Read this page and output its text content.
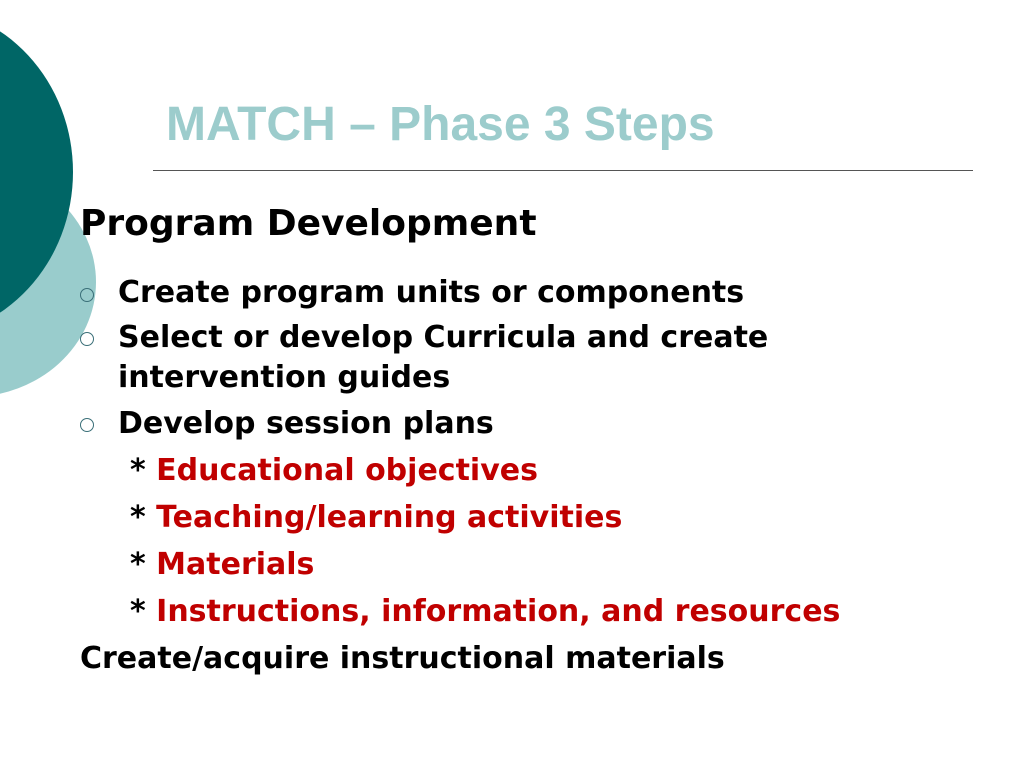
MATCH – Phase 3 Steps
Program Development
Create program units or components
Select or develop Curricula and create
intervention guides
Develop session plans
* Educational objectives
* Teaching/learning activities
* Materials
* Instructions, information, and resources
Create/acquire instructional materials
